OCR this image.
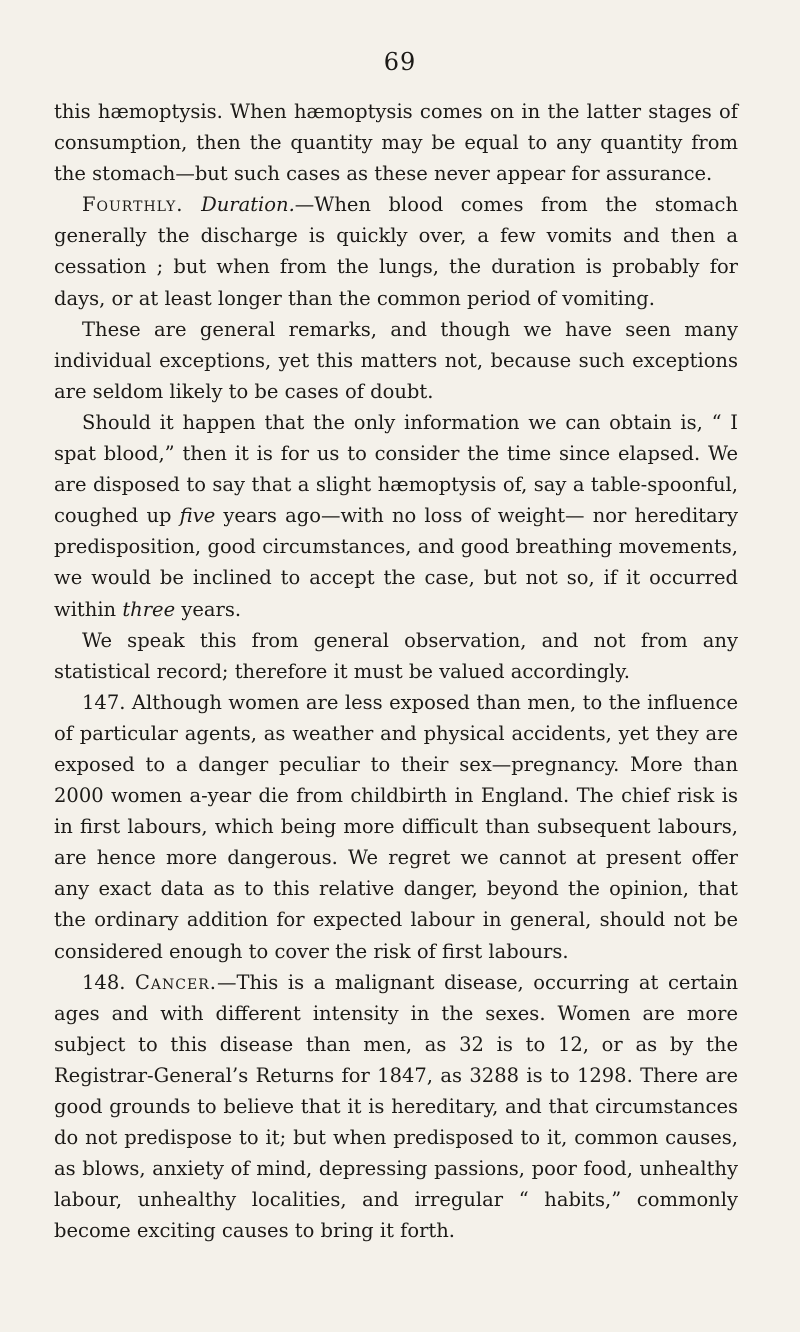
69

this hæmoptysis. When hæmoptysis comes on in the latter stages of consumption, then the quantity may be equal to any quantity from the stomach—but such cases as these never appear for assurance.

Fourthly. Duration.—When blood comes from the stomach generally the discharge is quickly over, a few vomits and then a cessation ; but when from the lungs, the duration is probably for days, or at least longer than the common period of vomiting.

These are general remarks, and though we have seen many individual exceptions, yet this matters not, because such exceptions are seldom likely to be cases of doubt.

Should it happen that the only information we can obtain is, “ I spat blood,” then it is for us to consider the time since elapsed. We are disposed to say that a slight hæmoptysis of, say a table-spoonful, coughed up five years ago—with no loss of weight— nor hereditary predisposition, good circumstances, and good breathing movements, we would be inclined to accept the case, but not so, if it occurred within three years.

We speak this from general observation, and not from any statistical record; therefore it must be valued accordingly.

147. Although women are less exposed than men, to the influence of particular agents, as weather and physical accidents, yet they are exposed to a danger peculiar to their sex—pregnancy. More than 2000 women a-year die from childbirth in England. The chief risk is in first labours, which being more difficult than subsequent labours, are hence more dangerous. We regret we cannot at present offer any exact data as to this relative danger, beyond the opinion, that the ordinary addition for expected labour in general, should not be considered enough to cover the risk of first labours.

148. Cancer.—This is a malignant disease, occurring at certain ages and with different intensity in the sexes. Women are more subject to this disease than men, as 32 is to 12, or as by the Registrar-General’s Returns for 1847, as 3288 is to 1298. There are good grounds to believe that it is hereditary, and that circumstances do not predispose to it; but when predisposed to it, common causes, as blows, anxiety of mind, depressing passions, poor food, unhealthy labour, unhealthy localities, and irregular “ habits,” commonly become exciting causes to bring it forth.
